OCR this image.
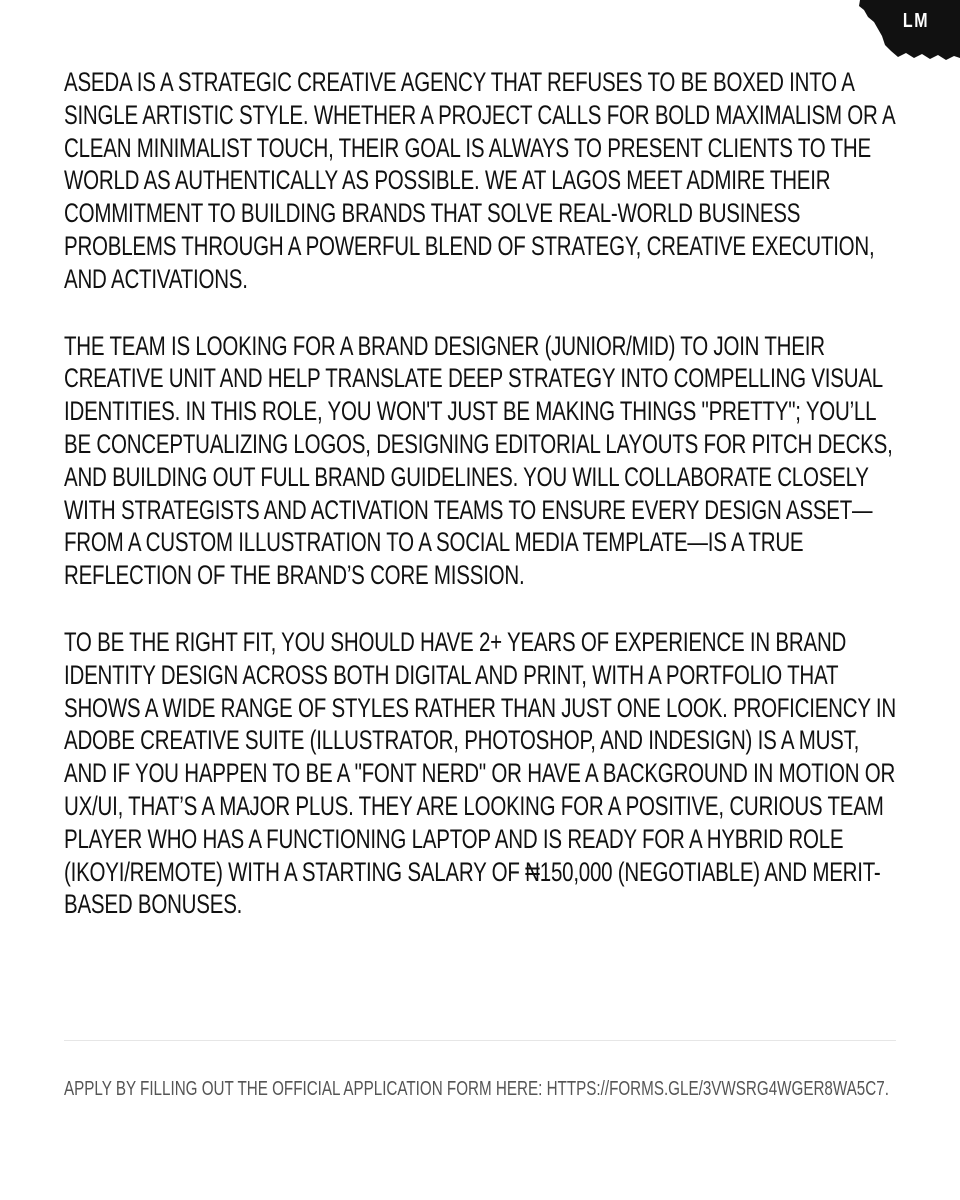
LM

ASEDA IS A STRATEGIC CREATIVE AGENCY THAT REFUSES TO BE BOXED INTO A SINGLE ARTISTIC STYLE. WHETHER A PROJECT CALLS FOR BOLD MAXIMALISM OR A CLEAN MINIMALIST TOUCH, THEIR GOAL IS ALWAYS TO PRESENT CLIENTS TO THE WORLD AS AUTHENTICALLY AS POSSIBLE. WE AT LAGOS MEET ADMIRE THEIR COMMITMENT TO BUILDING BRANDS THAT SOLVE REAL-WORLD BUSINESS PROBLEMS THROUGH A POWERFUL BLEND OF STRATEGY, CREATIVE EXECUTION, AND ACTIVATIONS.

THE TEAM IS LOOKING FOR A BRAND DESIGNER (JUNIOR/MID) TO JOIN THEIR CREATIVE UNIT AND HELP TRANSLATE DEEP STRATEGY INTO COMPELLING VISUAL IDENTITIES. IN THIS ROLE, YOU WON'T JUST BE MAKING THINGS "PRETTY"; YOU’LL BE CONCEPTUALIZING LOGOS, DESIGNING EDITORIAL LAYOUTS FOR PITCH DECKS, AND BUILDING OUT FULL BRAND GUIDELINES. YOU WILL COLLABORATE CLOSELY WITH STRATEGISTS AND ACTIVATION TEAMS TO ENSURE EVERY DESIGN ASSET—FROM A CUSTOM ILLUSTRATION TO A SOCIAL MEDIA TEMPLATE—IS A TRUE REFLECTION OF THE BRAND’S CORE MISSION.

TO BE THE RIGHT FIT, YOU SHOULD HAVE 2+ YEARS OF EXPERIENCE IN BRAND IDENTITY DESIGN ACROSS BOTH DIGITAL AND PRINT, WITH A PORTFOLIO THAT SHOWS A WIDE RANGE OF STYLES RATHER THAN JUST ONE LOOK. PROFICIENCY IN ADOBE CREATIVE SUITE (ILLUSTRATOR, PHOTOSHOP, AND INDESIGN) IS A MUST, AND IF YOU HAPPEN TO BE A "FONT NERD" OR HAVE A BACKGROUND IN MOTION OR UX/UI, THAT’S A MAJOR PLUS. THEY ARE LOOKING FOR A POSITIVE, CURIOUS TEAM PLAYER WHO HAS A FUNCTIONING LAPTOP AND IS READY FOR A HYBRID ROLE (IKOYI/REMOTE) WITH A STARTING SALARY OF ₦150,000 (NEGOTIABLE) AND MERIT-BASED BONUSES.

APPLY BY FILLING OUT THE OFFICIAL APPLICATION FORM HERE: HTTPS://FORMS.GLE/3VWSRG4WGER8WA5C7.
